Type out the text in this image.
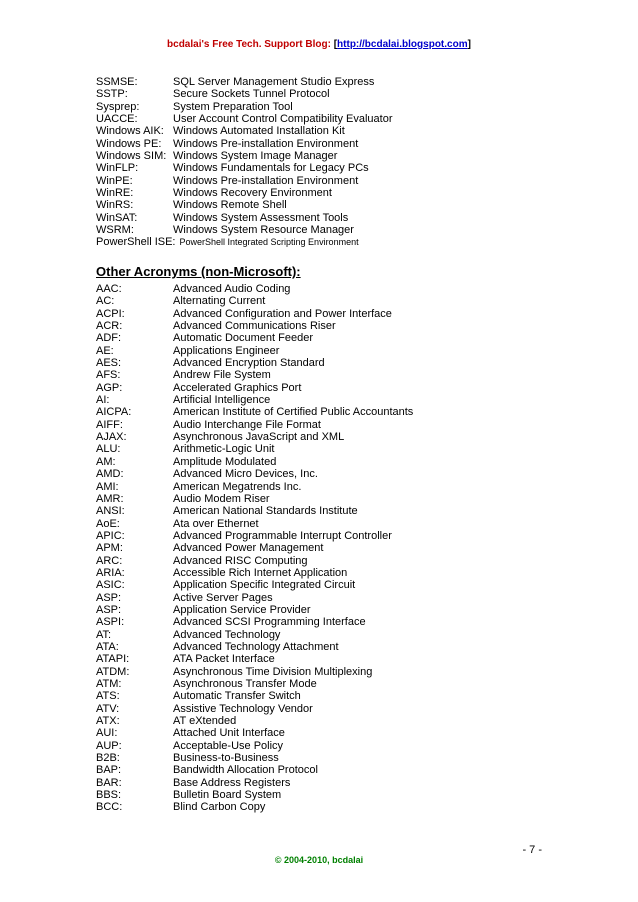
bcdalai's Free Tech. Support Blog: [http://bcdalai.blogspot.com]
SSMSE:	SQL Server Management Studio Express
SSTP:	Secure Sockets Tunnel Protocol
Sysprep:	System Preparation Tool
UACCE:	User Account Control Compatibility Evaluator
Windows AIK: Windows Automated Installation Kit
Windows PE: Windows Pre-installation Environment
Windows SIM: Windows System Image Manager
WinFLP:	Windows Fundamentals for Legacy PCs
WinPE:	Windows Pre-installation Environment
WinRE:	Windows Recovery Environment
WinRS:	Windows Remote Shell
WinSAT:	Windows System Assessment Tools
WSRM:	Windows System Resource Manager
PowerShell ISE: PowerShell Integrated Scripting Environment
Other Acronyms (non-Microsoft):
AAC:	Advanced Audio Coding
AC:	Alternating Current
ACPI:	Advanced Configuration and Power Interface
ACR:	Advanced Communications Riser
ADF:	Automatic Document Feeder
AE:	Applications Engineer
AES:	Advanced Encryption Standard
AFS:	Andrew File System
AGP:	Accelerated Graphics Port
AI:	Artificial Intelligence
AICPA:	American Institute of Certified Public Accountants
AIFF:	Audio Interchange File Format
AJAX:	Asynchronous JavaScript and XML
ALU:	Arithmetic-Logic Unit
AM:	Amplitude Modulated
AMD:	Advanced Micro Devices, Inc.
AMI:	American Megatrends Inc.
AMR:	Audio Modem Riser
ANSI:	American National Standards Institute
AoE:	Ata over Ethernet
APIC:	Advanced Programmable Interrupt Controller
APM:	Advanced Power Management
ARC:	Advanced RISC Computing
ARIA:	Accessible Rich Internet Application
ASIC:	Application Specific Integrated Circuit
ASP:	Active Server Pages
ASP:	Application Service Provider
ASPI:	Advanced SCSI Programming Interface
AT:	Advanced Technology
ATA:	Advanced Technology Attachment
ATAPI:	ATA Packet Interface
ATDM:	Asynchronous Time Division Multiplexing
ATM:	Asynchronous Transfer Mode
ATS:	Automatic Transfer Switch
ATV:	Assistive Technology Vendor
ATX:	AT eXtended
AUI:	Attached Unit Interface
AUP:	Acceptable-Use Policy
B2B:	Business-to-Business
BAP:	Bandwidth Allocation Protocol
BAR:	Base Address Registers
BBS:	Bulletin Board System
BCC:	Blind Carbon Copy
- 7 -
© 2004-2010, bcdalai
